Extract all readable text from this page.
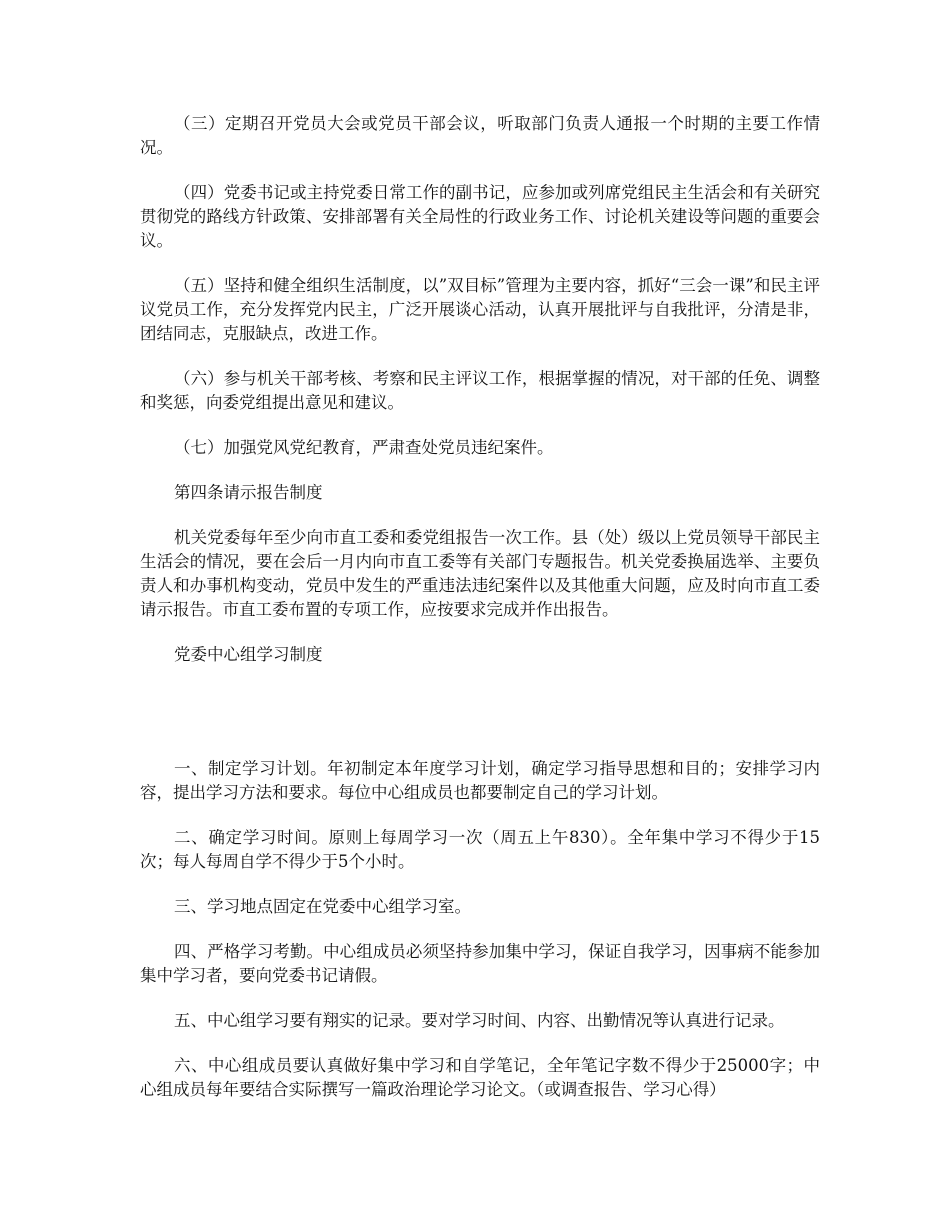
（三）定期召开党员大会或党员干部会议，听取部门负责人通报一个时期的主要工作情况。

（四）党委书记或主持党委日常工作的副书记，应参加或列席党组民主生活会和有关研究贯彻党的路线方针政策、安排部署有关全局性的行政业务工作、讨论机关建设等问题的重要会议。

（五）坚持和健全组织生活制度，以”双目标”管理为主要内容，抓好“三会一课”和民主评议党员工作，充分发挥党内民主，广泛开展谈心活动，认真开展批评与自我批评，分清是非，团结同志，克服缺点，改进工作。

（六）参与机关干部考核、考察和民主评议工作，根据掌握的情况，对干部的任免、调整和奖惩，向委党组提出意见和建议。

（七）加强党风党纪教育，严肃查处党员违纪案件。

第四条请示报告制度

机关党委每年至少向市直工委和委党组报告一次工作。县（处）级以上党员领导干部民主生活会的情况，要在会后一月内向市直工委等有关部门专题报告。机关党委换届选举、主要负责人和办事机构变动，党员中发生的严重违法违纪案件以及其他重大问题，应及时向市直工委请示报告。市直工委布置的专项工作，应按要求完成并作出报告。

党委中心组学习制度

一、制定学习计划。年初制定本年度学习计划，确定学习指导思想和目的；安排学习内容，提出学习方法和要求。每位中心组成员也都要制定自己的学习计划。

二、确定学习时间。原则上每周学习一次（周五上午830）。全年集中学习不得少于15次；每人每周自学不得少于5个小时。

三、学习地点固定在党委中心组学习室。

四、严格学习考勤。中心组成员必须坚持参加集中学习，保证自我学习，因事病不能参加集中学习者，要向党委书记请假。

五、中心组学习要有翔实的记录。要对学习时间、内容、出勤情况等认真进行记录。

六、中心组成员要认真做好集中学习和自学笔记，全年笔记字数不得少于25000字；中心组成员每年要结合实际撰写一篇政治理论学习论文。（或调查报告、学习心得）
